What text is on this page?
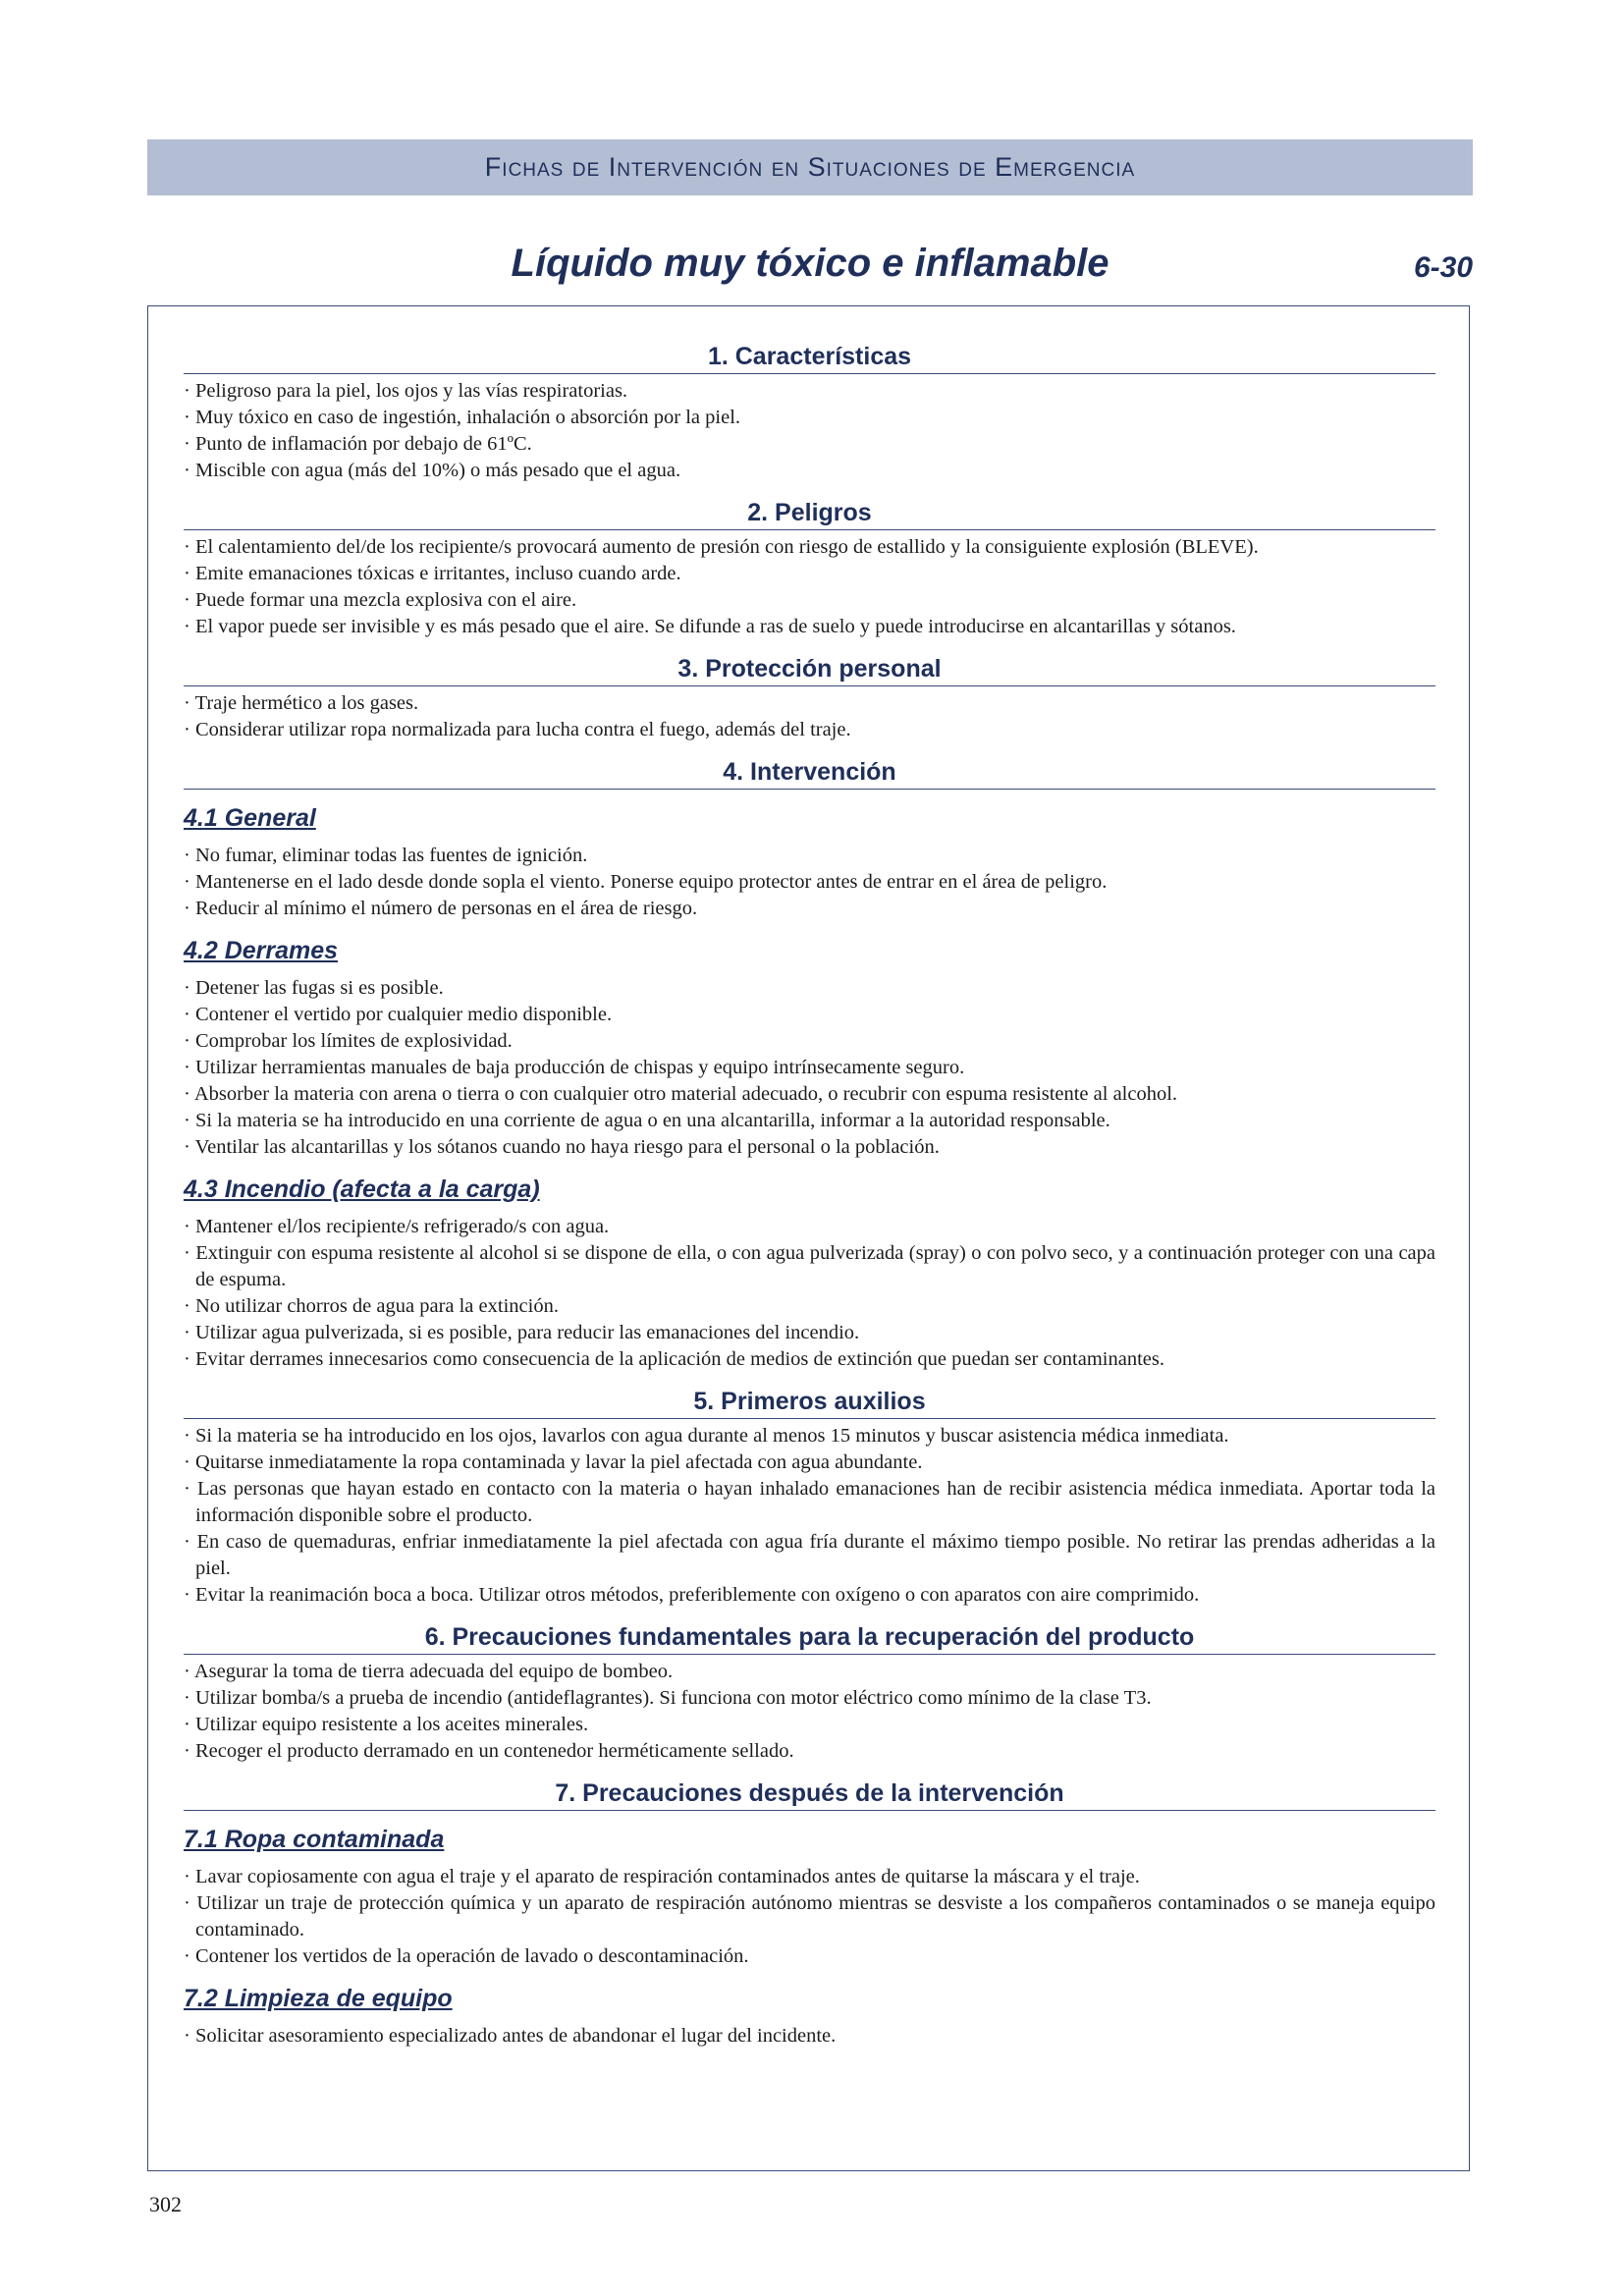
Fichas de Intervención en Situaciones de Emergencia
Líquido muy tóxico e inflamable	6-30
1. Características
· Peligroso para la piel, los ojos y las vías respiratorias.
· Muy tóxico en caso de ingestión, inhalación o absorción por la piel.
· Punto de inflamación por debajo de 61ºC.
· Miscible con agua (más del 10%) o más pesado que el agua.
2. Peligros
· El calentamiento del/de los recipiente/s provocará aumento de presión con riesgo de estallido y la consiguiente explosión (BLEVE).
· Emite emanaciones tóxicas e irritantes, incluso cuando arde.
· Puede formar una mezcla explosiva con el aire.
· El vapor puede ser invisible y es más pesado que el aire. Se difunde a ras de suelo y puede introducirse en alcantarillas y sótanos.
3. Protección personal
· Traje hermético a los gases.
· Considerar utilizar ropa normalizada para lucha contra el fuego, además del traje.
4. Intervención
4.1 General
· No fumar, eliminar todas las fuentes de ignición.
· Mantenerse en el lado desde donde sopla el viento. Ponerse equipo protector antes de entrar en el área de peligro.
· Reducir al mínimo el número de personas en el área de riesgo.
4.2 Derrames
· Detener las fugas si es posible.
· Contener el vertido por cualquier medio disponible.
· Comprobar los límites de explosividad.
· Utilizar herramientas manuales de baja producción de chispas y equipo intrínsecamente seguro.
· Absorber la materia con arena o tierra o con cualquier otro material adecuado, o recubrir con espuma resistente al alcohol.
· Si la materia se ha introducido en una corriente de agua o en una alcantarilla, informar a la autoridad responsable.
· Ventilar las alcantarillas y los sótanos cuando no haya riesgo para el personal o la población.
4.3 Incendio (afecta a la carga)
· Mantener el/los recipiente/s refrigerado/s con agua.
· Extinguir con espuma resistente al alcohol si se dispone de ella, o con agua pulverizada (spray) o con polvo seco, y a continuación proteger con una capa de espuma.
· No utilizar chorros de agua para la extinción.
· Utilizar agua pulverizada, si es posible, para reducir las emanaciones del incendio.
· Evitar derrames innecesarios como consecuencia de la aplicación de medios de extinción que puedan ser contaminantes.
5. Primeros auxilios
· Si la materia se ha introducido en los ojos, lavarlos con agua durante al menos 15 minutos y buscar asistencia médica inmediata.
· Quitarse inmediatamente la ropa contaminada y lavar la piel afectada con agua abundante.
· Las personas que hayan estado en contacto con la materia o hayan inhalado emanaciones han de recibir asistencia médica inmediata. Aportar toda la información disponible sobre el producto.
· En caso de quemaduras, enfriar inmediatamente la piel afectada con agua fría durante el máximo tiempo posible. No retirar las prendas adheridas a la piel.
· Evitar la reanimación boca a boca. Utilizar otros métodos, preferiblemente con oxígeno o con aparatos con aire comprimido.
6. Precauciones fundamentales para la recuperación del producto
· Asegurar la toma de tierra adecuada del equipo de bombeo.
· Utilizar bomba/s a prueba de incendio (antideflagrantes). Si funciona con motor eléctrico como mínimo de la clase T3.
· Utilizar equipo resistente a los aceites minerales.
· Recoger el producto derramado en un contenedor herméticamente sellado.
7. Precauciones después de la intervención
7.1 Ropa contaminada
· Lavar copiosamente con agua el traje y el aparato de respiración contaminados antes de quitarse la máscara y el traje.
· Utilizar un traje de protección química y un aparato de respiración autónomo mientras se desviste a los compañeros contaminados o se maneja equipo contaminado.
· Contener los vertidos de la operación de lavado o descontaminación.
7.2 Limpieza de equipo
· Solicitar asesoramiento especializado antes de abandonar el lugar del incidente.
302
